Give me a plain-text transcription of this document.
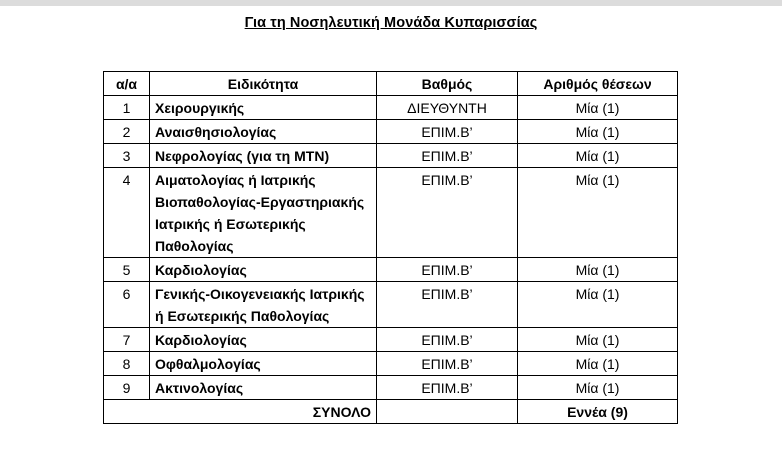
Για τη Νοσηλευτική Μονάδα Κυπαρισσίας
α/α	Ειδικότητα	Βαθμός	Αριθμός θέσεων
1	Χειρουργικής	ΔΙΕΥΘΥΝΤΗ	Μία (1)
2	Αναισθησιολογίας	ΕΠΙΜ.Β’	Μία (1)
3	Νεφρολογίας (για τη ΜΤΝ)	ΕΠΙΜ.Β’	Μία (1)
4	Αιματολογίας ή Ιατρικής Βιοπαθολογίας-Εργαστηριακής Ιατρικής ή Εσωτερικής Παθολογίας	ΕΠΙΜ.Β’	Μία (1)
5	Καρδιολογίας	ΕΠΙΜ.Β’	Μία (1)
6	Γενικής-Οικογενειακής Ιατρικής ή Εσωτερικής Παθολογίας	ΕΠΙΜ.Β’	Μία (1)
7	Καρδιολογίας	ΕΠΙΜ.Β’	Μία (1)
8	Οφθαλμολογίας	ΕΠΙΜ.Β’	Μία (1)
9	Ακτινολογίας	ΕΠΙΜ.Β’	Μία (1)
ΣΥΝΟΛΟ			Εννέα (9)
